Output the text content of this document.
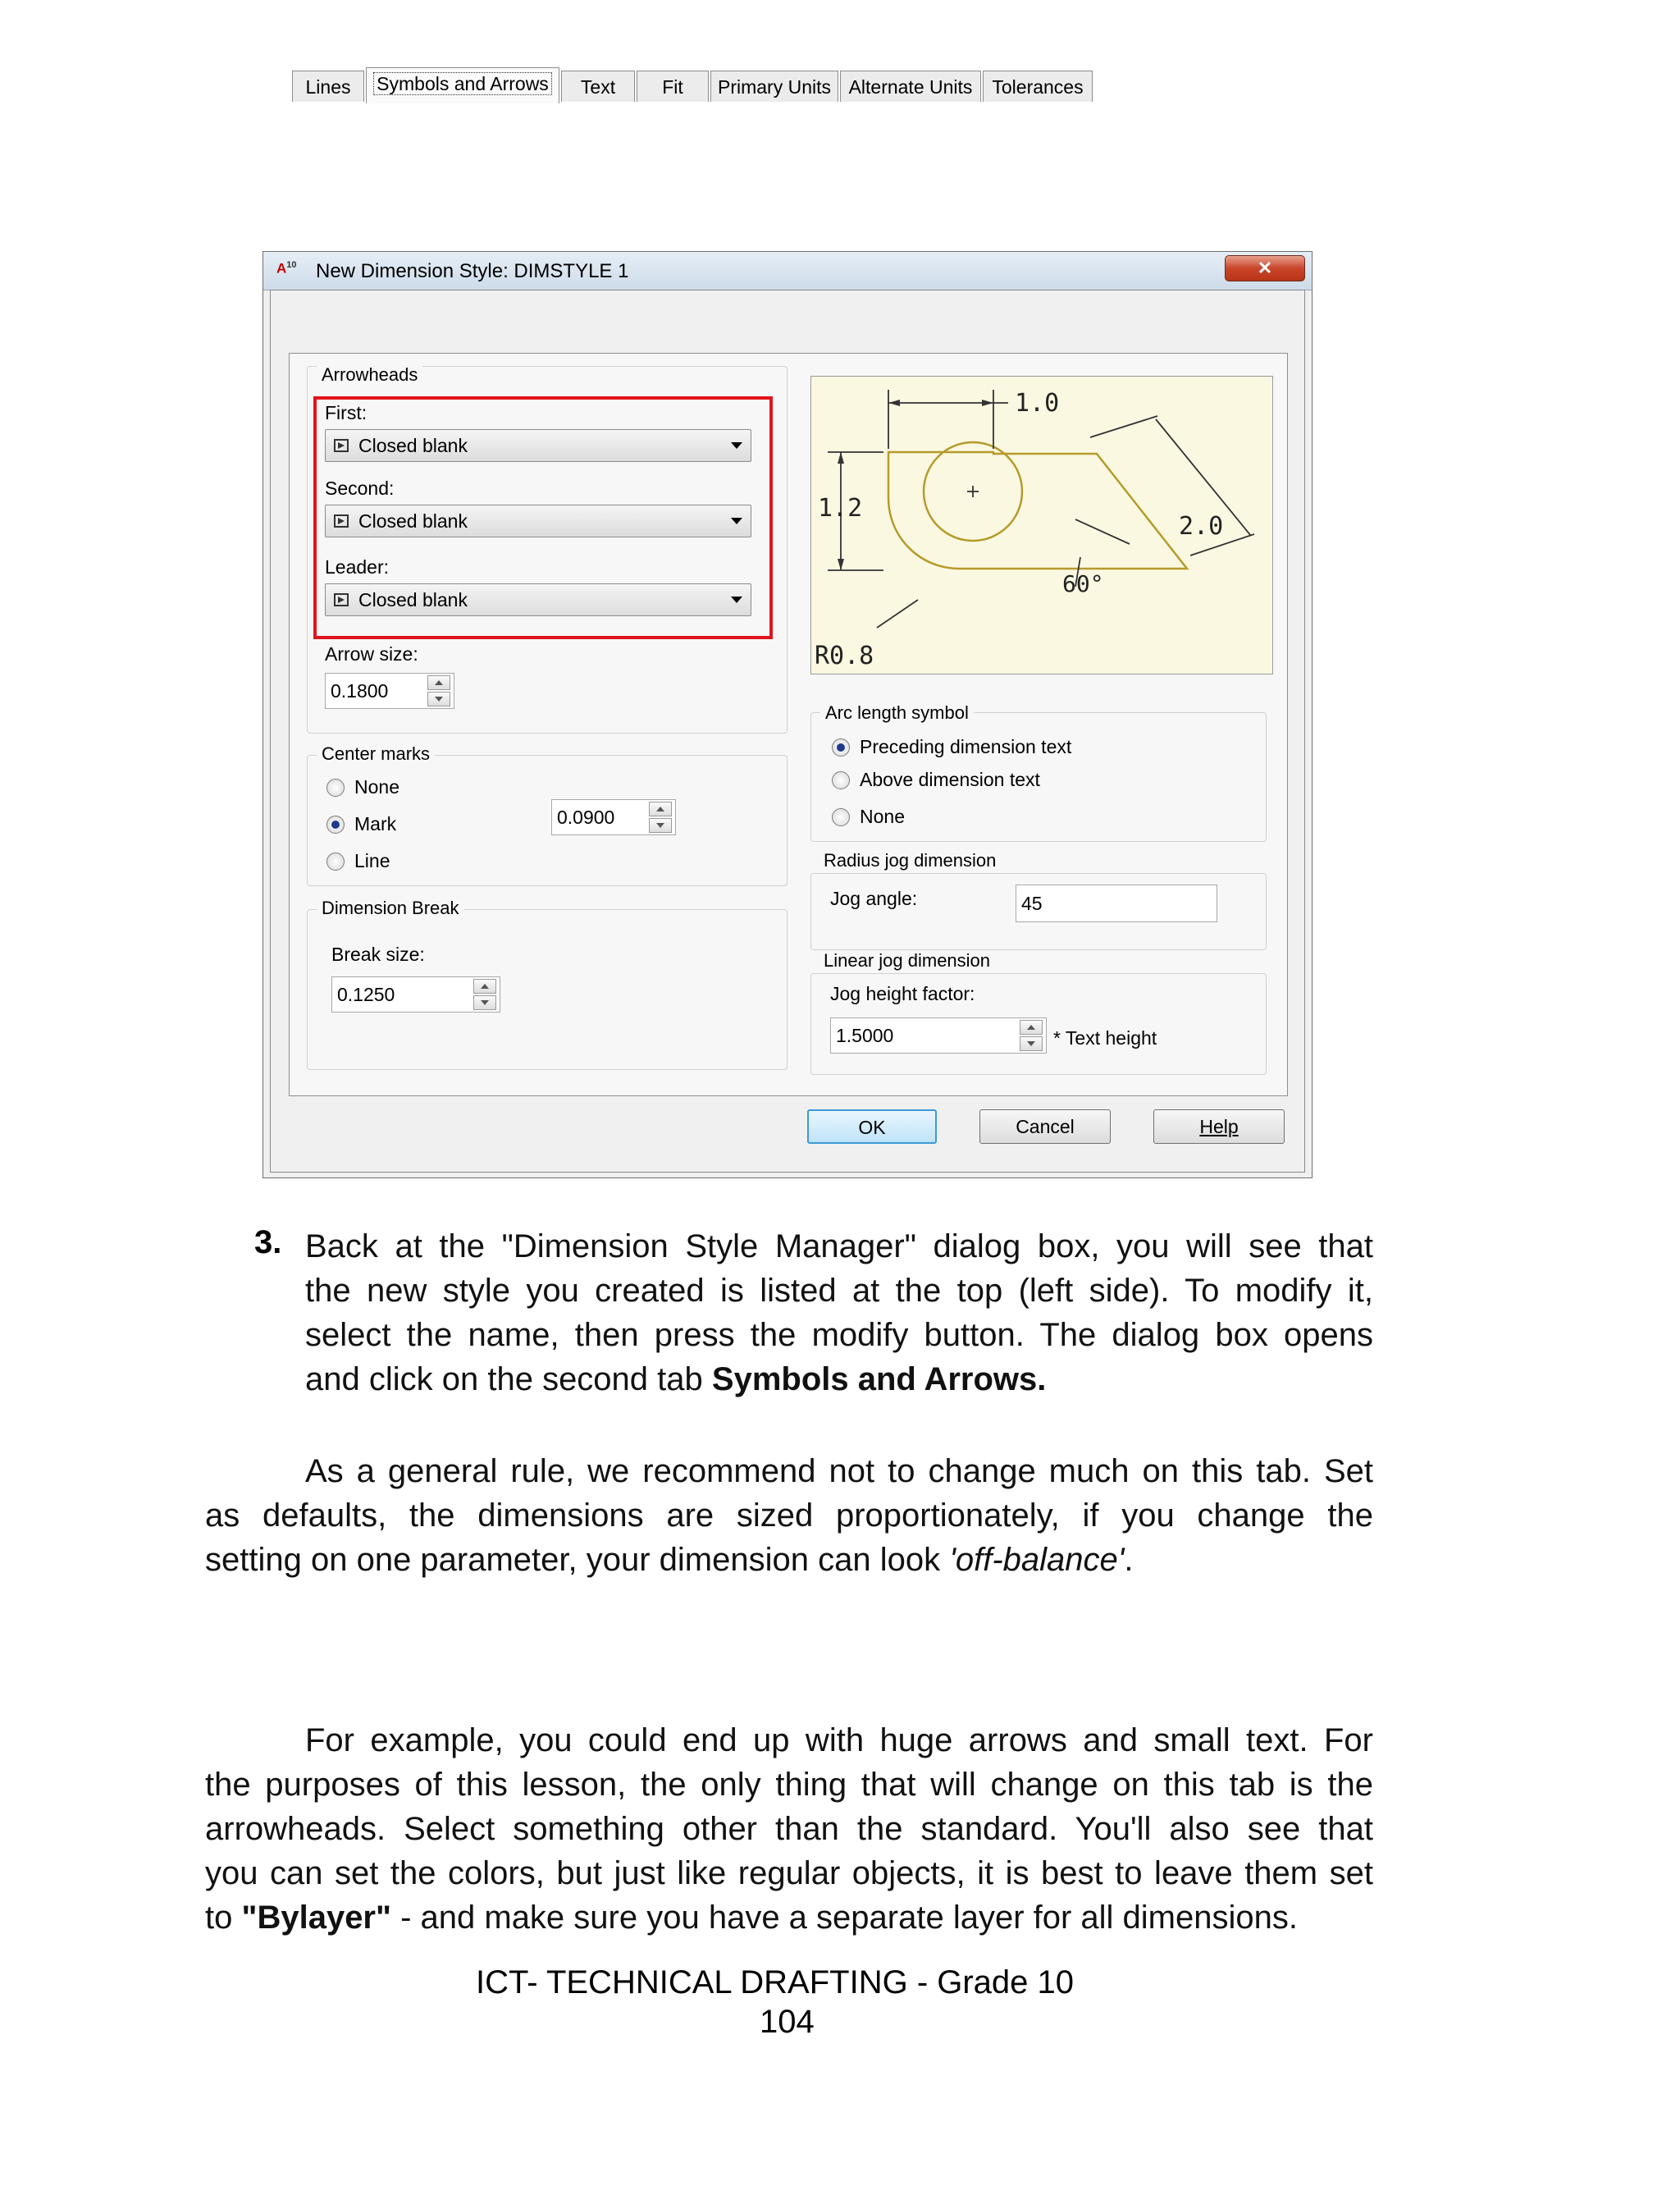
$A^{10}$ New Dimension Style: DIMSTYLE 1	✕
Lines	Symbols and Arrows	Text	Fit	Primary Units Alternate Units	Tolerances
Arrowheads
First:
Closed blank
Second:
Closed blank
Leader:
Closed blank
Arrow size:
0.1800
Center marks
None
Mark
Line
0.0900
Dimension Break
Break size:
0.1250
1.0
1.2
2.0
60°
R0.8
Arc length symbol
Preceding dimension text
Above dimension text
None
Radius jog dimension
Jog angle:	45
Linear jog dimension
Jog height factor:
1.5000	* Text height
OK	Cancel	Help
3. Back at the "Dimension Style Manager" dialog box, you will see that
the new style you created is listed at the top (left side). To modify it,
select the name, then press the modify button. The dialog box opens
and click on the second tab Symbols and Arrows.
As a general rule, we recommend not to change much on this tab. Set
as defaults, the dimensions are sized proportionately, if you change the
setting on one parameter, your dimension can look 'off-balance'.
For example, you could end up with huge arrows and small text. For
the purposes of this lesson, the only thing that will change on this tab is the
arrowheads. Select something other than the standard. You'll also see that
you can set the colors, but just like regular objects, it is best to leave them set
to "Bylayer" - and make sure you have a separate layer for all dimensions.
ICT- TECHNICAL DRAFTING - Grade 10
104
